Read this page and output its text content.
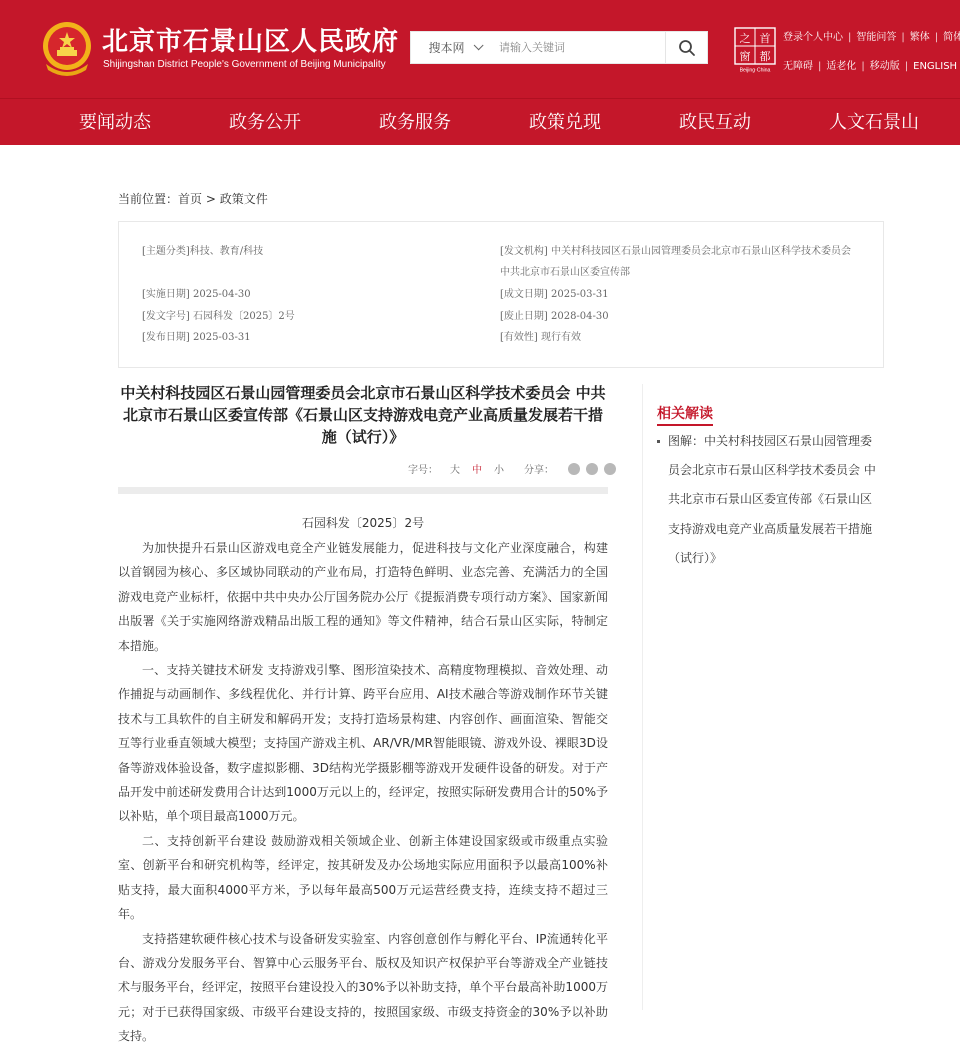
北京市石景山区人民政府
Shijingshan District People's Government of Beijing Municipality
搜本网
请输入关键词
之 首
窗 都
Beijing·China
登录个人中心 | 智能问答 | 繁体 | 简体
无障碍 | 适老化 | 移动版 | ENGLISH
要闻动态	政务公开	政务服务	政策兑现	政民互动	人文石景山
当前位置：首页 > 政策文件
[主题分类]科技、教育/科技	[发文机构] 中关村科技园区石景山园管理委员会北京市石景山区科学技术委员会 中共北京市石景山区委宣传部
[实施日期] 2025-04-30	[成文日期] 2025-03-31
[发文字号] 石园科发〔2025〕2号	[废止日期] 2028-04-30
[发布日期] 2025-03-31	[有效性] 现行有效
中关村科技园区石景山园管理委员会北京市石景山区科学技术委员会 中共北京市石景山区委宣传部《石景山区支持游戏电竞产业高质量发展若干措施（试行）》
字号： 大 中 小 分享：
石园科发〔2025〕2号

为加快提升石景山区游戏电竞全产业链发展能力，促进科技与文化产业深度融合，构建以首钢园为核心、多区域协同联动的产业布局，打造特色鲜明、业态完善、充满活力的全国游戏电竞产业标杆，依据中共中央办公厅国务院办公厅《提振消费专项行动方案》、国家新闻出版署《关于实施网络游戏精品出版工程的通知》等文件精神，结合石景山区实际，特制定本措施。

一、支持关键技术研发 支持游戏引擎、图形渲染技术、高精度物理模拟、音效处理、动作捕捉与动画制作、多线程优化、并行计算、跨平台应用、AI技术融合等游戏制作环节关键技术与工具软件的自主研发和解码开发；支持打造场景构建、内容创作、画面渲染、智能交互等行业垂直领域大模型；支持国产游戏主机、AR/VR/MR智能眼镜、游戏外设、裸眼3D设备等游戏体验设备，数字虚拟影棚、3D结构光学摄影棚等游戏开发硬件设备的研发。对于产品开发中前述研发费用合计达到1000万元以上的，经评定，按照实际研发费用合计的50%予以补贴，单个项目最高1000万元。

二、支持创新平台建设 鼓励游戏相关领域企业、创新主体建设国家级或市级重点实验室、创新平台和研究机构等，经评定，按其研发及办公场地实际应用面积予以最高100%补贴支持，最大面积4000平方米，予以每年最高500万元运营经费支持，连续支持不超过三年。

支持搭建软硬件核心技术与设备研发实验室、内容创意创作与孵化平台、IP流通转化平台、游戏分发服务平台、智算中心云服务平台、版权及知识产权保护平台等游戏全产业链技术与服务平台，经评定，按照平台建设投入的30%予以补助支持，单个平台最高补助1000万元；对于已获得国家级、市级平台建设支持的，按照国家级、市级支持资金的30%予以补助支持。

相关解读
图解：中关村科技园区石景山园管理委员会北京市石景山区科学技术委员会 中共北京市石景山区委宣传部《石景山区支持游戏电竞产业高质量发展若干措施（试行）》
